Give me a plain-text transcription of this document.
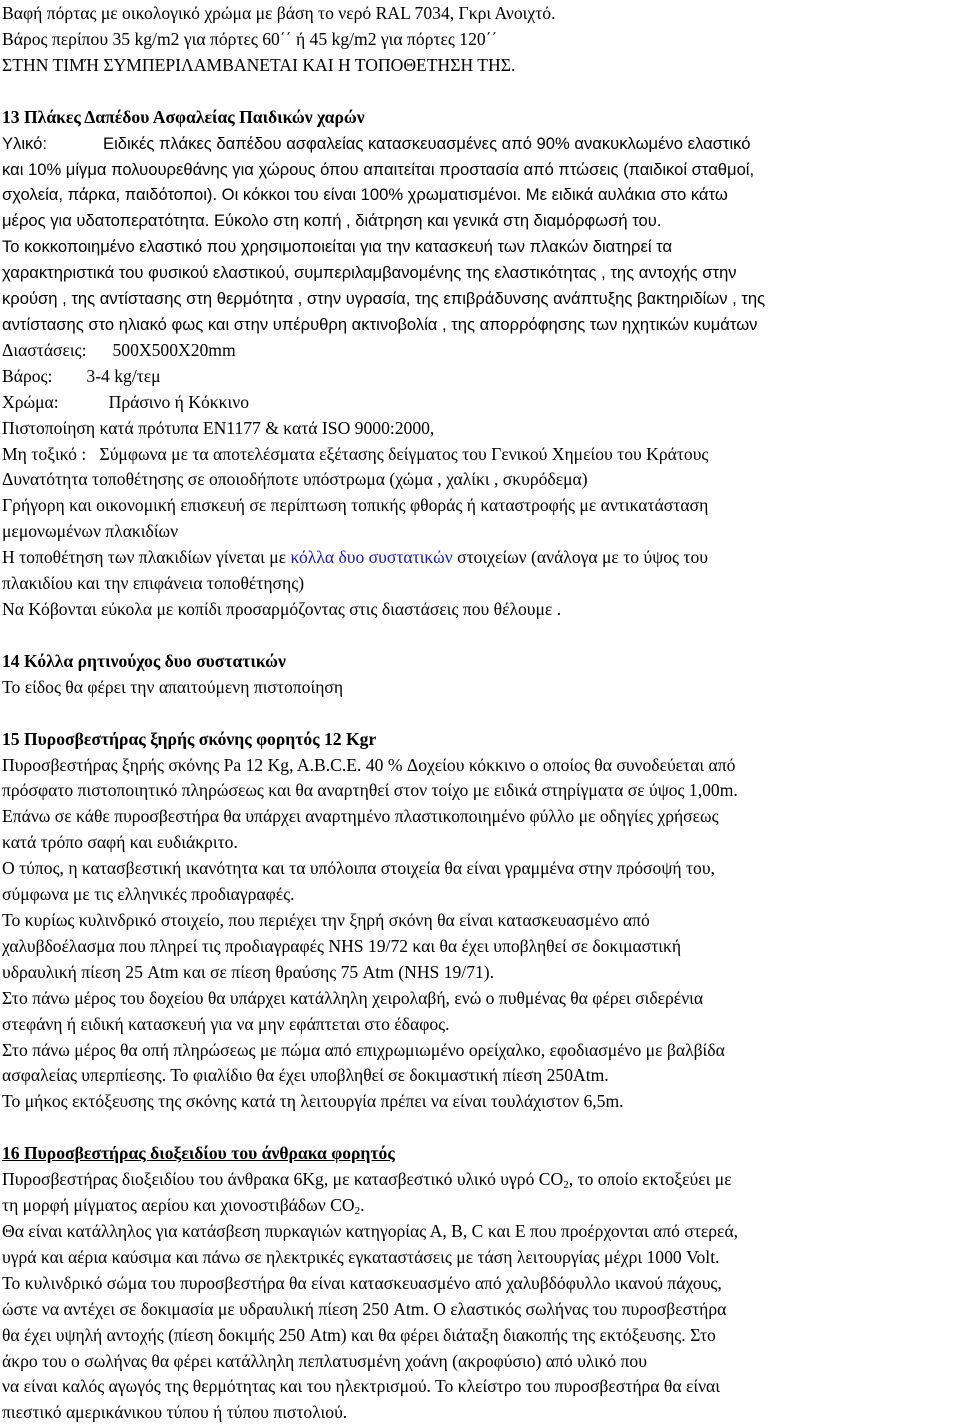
Βαφή πόρτας με οικολογικό χρώμα με βάση το νερό RAL 7034, Γκρι Ανοιχτό.
Βάρος περίπου 35 kg/m2 για πόρτες 60΄΄ ή 45 kg/m2 για πόρτες 120΄΄
ΣΤΗΝ ΤΙΜΉ ΣΥΜΠΕΡΙΛΑΜΒΑΝΕΤΑΙ ΚΑΙ Η ΤΟΠΟΘΕΤΗΣΗ ΤΗΣ.
13 Πλάκες Δαπέδου Ασφαλείας Παιδικών χαρών
Υλικό:	Ειδικές πλάκες δαπέδου ασφαλείας κατασκευασμένες από 90% ανακυκλωμένο ελαστικό
και 10% μίγμα πολυουρεθάνης για χώρους όπου απαιτείται προστασία από πτώσεις (παιδικοί σταθμοί,
σχολεία, πάρκα, παιδότοποι). Οι κόκκοι του είναι 100% χρωματισμένοι. Με ειδικά αυλάκια στο κάτω
μέρος για υδατοπερατότητα. Εύκολο στη κοπή , διάτρηση και γενικά στη διαμόρφωσή του.
Το κοκκοποιημένο ελαστικό που χρησιμοποιείται για την κατασκευή των πλακών διατηρεί τα
χαρακτηριστικά του φυσικού ελαστικού, συμπεριλαμβανομένης της ελαστικότητας , της αντοχής στην
κρούση , της αντίστασης στη θερμότητα , στην υγρασία, της επιβράδυνσης ανάπτυξης βακτηριδίων , της
αντίστασης στο ηλιακό φως και στην υπέρυθρη ακτινοβολία , της απορρόφησης των ηχητικών κυμάτων
Διαστάσεις: 500Χ500Χ20mm
Βάρος: 3-4 kg/τεμ
Χρώμα:	Πράσινο ή Κόκκινο
Πιστοποίηση κατά πρότυπα ΕΝ1177 & κατά ISO 9000:2000,
Μη τοξικό : Σύμφωνα με τα αποτελέσματα εξέτασης δείγματος του Γενικού Χημείου του Κράτους
Δυνατότητα τοποθέτησης σε οποιοδήποτε υπόστρωμα (χώμα , χαλίκι , σκυρόδεμα)
Γρήγορη και οικονομική επισκευή σε περίπτωση τοπικής φθοράς ή καταστροφής με αντικατάσταση
μεμονωμένων πλακιδίων
Η τοποθέτηση των πλακιδίων γίνεται με κόλλα δυο συστατικών στοιχείων (ανάλογα με το ύψος του
πλακιδίου και την επιφάνεια τοποθέτησης)
Να Κόβονται εύκολα με κοπίδι προσαρμόζοντας στις διαστάσεις που θέλουμε .
14 Κόλλα ρητινούχος δυο συστατικών
Το είδος θα φέρει την απαιτούμενη πιστοποίηση
15 Πυροσβεστήρας ξηρής σκόνης φορητός 12 Kgr
Πυροσβεστήρας ξηρής σκόνης Pa 12 Kg, A.B.C.E. 40 % Δοχείου κόκκινο ο οποίος θα συνοδεύεται από
πρόσφατο πιστοποιητικό πληρώσεως και θα αναρτηθεί στον τοίχο με ειδικά στηρίγματα σε ύψος 1,00m.
Επάνω σε κάθε πυροσβεστήρα θα υπάρχει αναρτημένο πλαστικοποιημένο φύλλο με οδηγίες χρήσεως
κατά τρόπο σαφή και ευδιάκριτο.
Ο τύπος, η κατασβεστική ικανότητα και τα υπόλοιπα στοιχεία θα είναι γραμμένα στην πρόσοψή του,
σύμφωνα με τις ελληνικές προδιαγραφές.
Το κυρίως κυλινδρικό στοιχείο, που περιέχει την ξηρή σκόνη θα είναι κατασκευασμένο από
χαλυβδοέλασμα που πληρεί τις προδιαγραφές NHS 19/72 και θα έχει υποβληθεί σε δοκιμαστική
υδραυλική πίεση 25 Atm και σε πίεση θραύσης 75 Atm (NHS 19/71).
Στο πάνω μέρος του δοχείου θα υπάρχει κατάλληλη χειρολαβή, ενώ ο πυθμένας θα φέρει σιδερένια
στεφάνη ή ειδική κατασκευή για να μην εφάπτεται στο έδαφος.
Στο πάνω μέρος θα οπή πληρώσεως με πώμα από επιχρωμιωμένο ορείχαλκο, εφοδιασμένο με βαλβίδα
ασφαλείας υπερπίεσης. Το φιαλίδιο θα έχει υποβληθεί σε δοκιμαστική πίεση 250Atm.
Το μήκος εκτόξευσης της σκόνης κατά τη λειτουργία πρέπει να είναι τουλάχιστον 6,5m.
16 Πυροσβεστήρας διοξειδίου του άνθρακα φορητός
Πυροσβεστήρας διοξειδίου του άνθρακα 6Kg, με κατασβεστικό υλικό υγρό $CO_2$, το οποίο εκτοξεύει με
τη μορφή μίγματος αερίου και χιονοστιβάδων $CO_2$.
Θα είναι κατάλληλος για κατάσβεση πυρκαγιών κατηγορίας Α, Β, C και Ε που προέρχονται από στερεά,
υγρά και αέρια καύσιμα και πάνω σε ηλεκτρικές εγκαταστάσεις με τάση λειτουργίας μέχρι 1000 Volt.
Το κυλινδρικό σώμα του πυροσβεστήρα θα είναι κατασκευασμένο από χαλυβδόφυλλο ικανού πάχους,
ώστε να αντέχει σε δοκιμασία με υδραυλική πίεση 250 Atm. Ο ελαστικός σωλήνας του πυροσβεστήρα
θα έχει υψηλή αντοχής (πίεση δοκιμής 250 Atm) και θα φέρει διάταξη διακοπής της εκτόξευσης. Στο
άκρο του ο σωλήνας θα φέρει κατάλληλη πεπλατυσμένη χοάνη (ακροφύσιο) από υλικό που
να είναι καλός αγωγός της θερμότητας και του ηλεκτρισμού. Το κλείστρο του πυροσβεστήρα θα είναι
πιεστικό αμερικάνικου τύπου ή τύπου πιστολιού.
